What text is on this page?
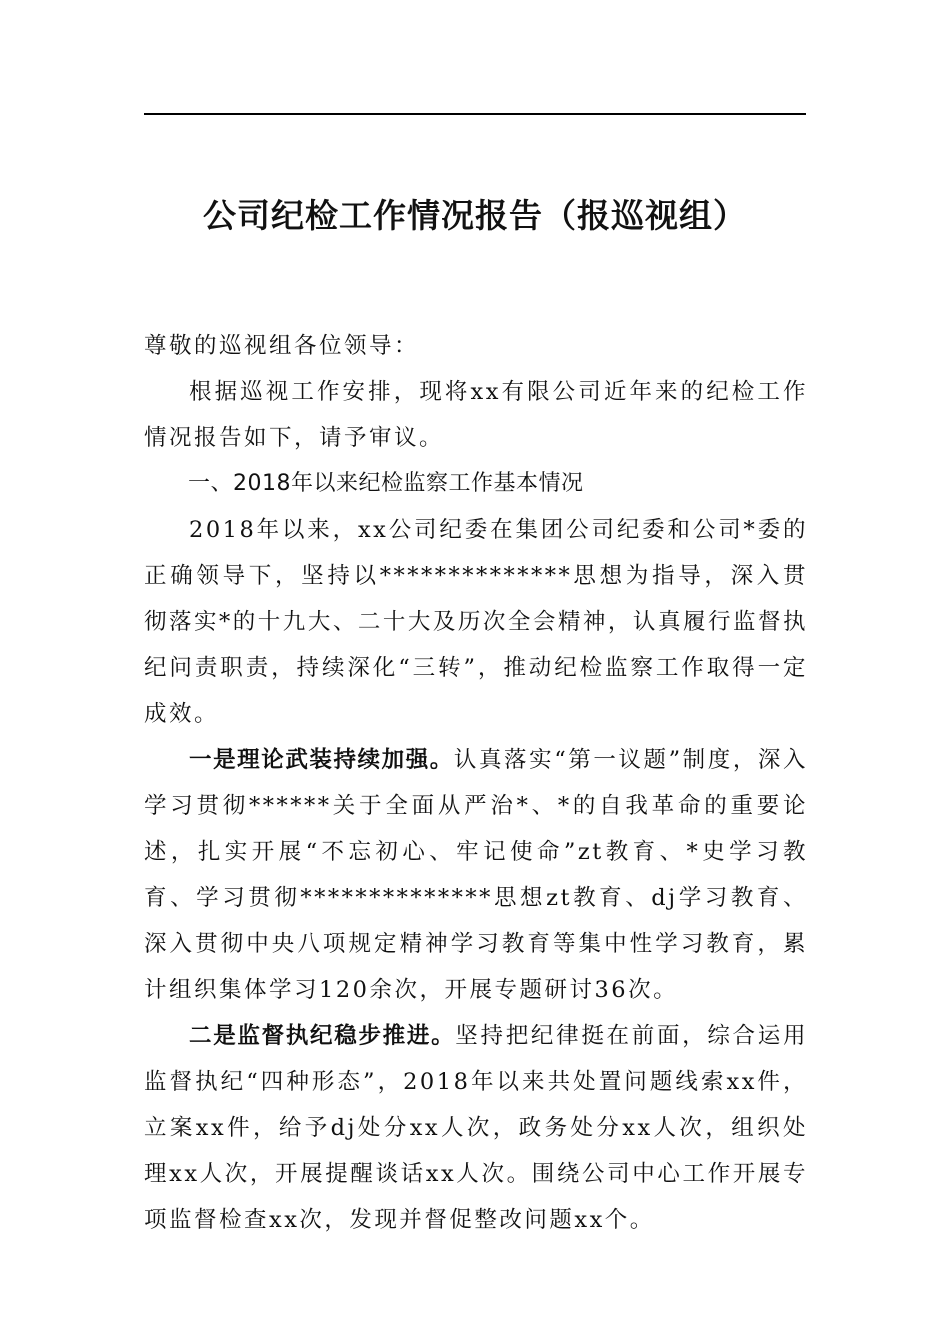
公司纪检工作情况报告（报巡视组）

尊敬的巡视组各位领导：

根据巡视工作安排，现将xx有限公司近年来的纪检工作情况报告如下，请予审议。

一、2018年以来纪检监察工作基本情况

2018年以来，xx公司纪委在集团公司纪委和公司*委的正确领导下，坚持以**************思想为指导，深入贯彻落实*的十九大、二十大及历次全会精神，认真履行监督执纪问责职责，持续深化“三转”，推动纪检监察工作取得一定成效。

一是理论武装持续加强。认真落实“第一议题”制度，深入学习贯彻******关于全面从严治*、*的自我革命的重要论述，扎实开展“不忘初心、牢记使命”zt教育、*史学习教育、学习贯彻**************思想zt教育、dj学习教育、深入贯彻中央八项规定精神学习教育等集中性学习教育，累计组织集体学习120余次，开展专题研讨36次。

二是监督执纪稳步推进。坚持把纪律挺在前面，综合运用监督执纪“四种形态”，2018年以来共处置问题线索xx件，立案xx件，给予dj处分xx人次，政务处分xx人次，组织处理xx人次，开展提醒谈话xx人次。围绕公司中心工作开展专项监督检查xx次，发现并督促整改问题xx个。
